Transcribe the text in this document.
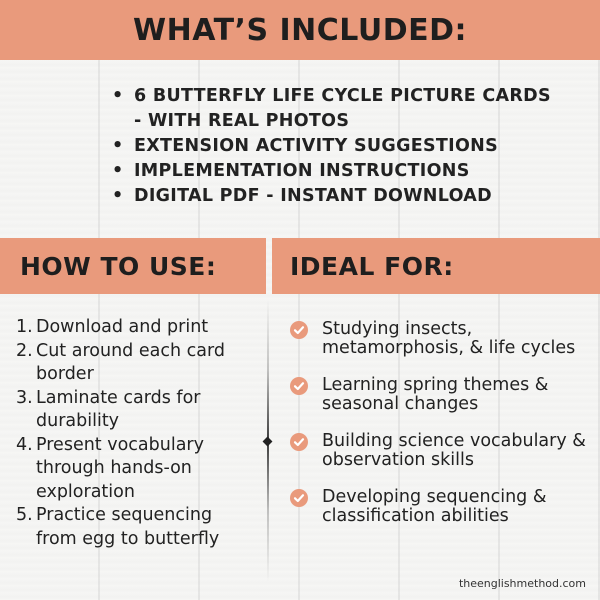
WHAT’S INCLUDED:
• 6 BUTTERFLY LIFE CYCLE PICTURE CARDS - WITH REAL PHOTOS
• EXTENSION ACTIVITY SUGGESTIONS
• IMPLEMENTATION INSTRUCTIONS
• DIGITAL PDF - INSTANT DOWNLOAD
HOW TO USE:	IDEAL FOR:
1. Download and print
2. Cut around each card border
3. Laminate cards for durability
4. Present vocabulary through hands-on exploration
5. Practice sequencing from egg to butterfly
Studying insects, metamorphosis, & life cycles
Learning spring themes & seasonal changes
Building science vocabulary & observation skills
Developing sequencing & classification abilities
theenglishmethod.com
